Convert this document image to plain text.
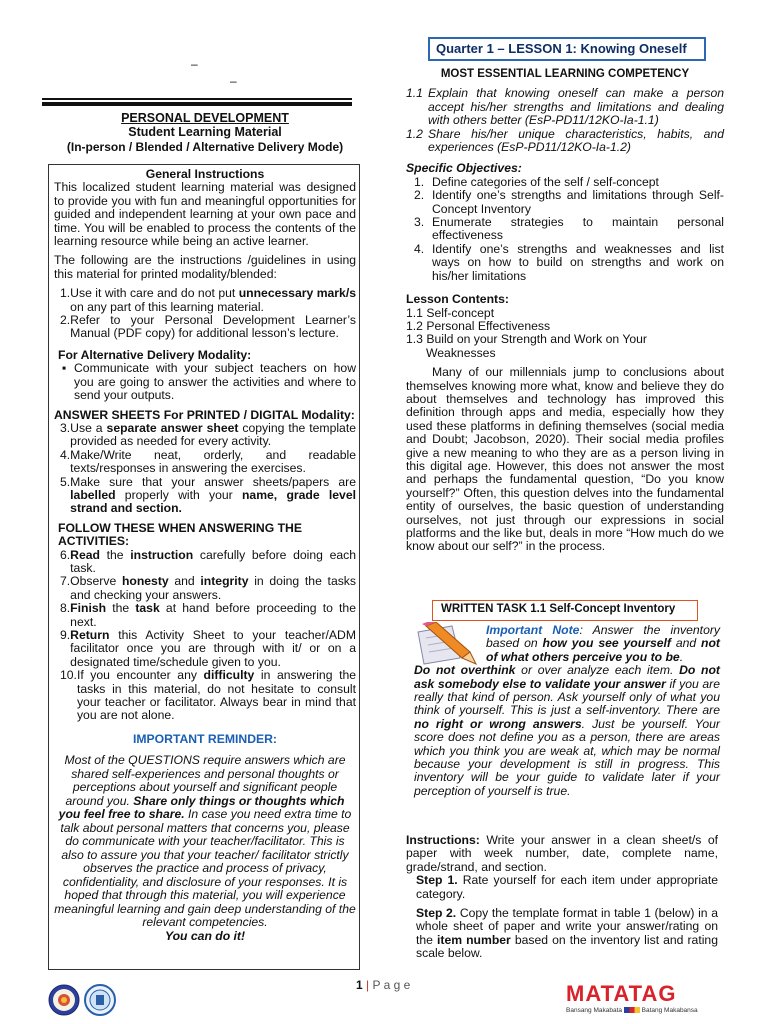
–
–
PERSONAL DEVELOPMENT
Student Learning Material
(In-person / Blended / Alternative Delivery Mode)
General Instructions

This localized student learning material was designed to provide you with fun and meaningful opportunities for guided and independent learning at your own pace and time. You will be enabled to process the contents of the learning resource while being an active learner.

The following are the instructions /guidelines in using this material for printed modality/blended:

1. Use it with care and do not put unnecessary mark/s on any part of this learning material.
2. Refer to your Personal Development Learner’s Manual (PDF copy) for additional lesson’s lecture.
For Alternative Delivery Modality:
▪ Communicate with your subject teachers on how you are going to answer the activities and where to send your outputs.
ANSWER SHEETS For PRINTED / DIGITAL Modality:
3. Use a separate answer sheet copying the template provided as needed for every activity.
4. Make/Write neat, orderly, and readable texts/responses in answering the exercises.
5. Make sure that your answer sheets/papers are labelled properly with your name, grade level strand and section.
FOLLOW THESE WHEN ANSWERING THE ACTIVITIES:
6. Read the instruction carefully before doing each task.
7. Observe honesty and integrity in doing the tasks and checking your answers.
8. Finish the task at hand before proceeding to the next.
9. Return this Activity Sheet to your teacher/ADM facilitator once you are through with it/ or on a designated time/schedule given to you.
10. If you encounter any difficulty in answering the tasks in this material, do not hesitate to consult your teacher or facilitator. Always bear in mind that you are not alone.
IMPORTANT REMINDER:

Most of the QUESTIONS require answers which are shared self-experiences and personal thoughts or perceptions about yourself and significant people around you. Share only things or thoughts which you feel free to share. In case you need extra time to talk about personal matters that concerns you, please do communicate with your teacher/facilitator. This is also to assure you that your teacher/ facilitator strictly observes the practice and process of privacy, confidentiality, and disclosure of your responses. It is hoped that through this material, you will experience meaningful learning and gain deep understanding of the relevant competencies.

You can do it!

Quarter 1 – LESSON 1: Knowing Oneself
MOST ESSENTIAL LEARNING COMPETENCY
1.1 Explain that knowing oneself can make a person accept his/her strengths and limitations and dealing with others better (EsP-PD11/12KO-Ia-1.1)
1.2 Share his/her unique characteristics, habits, and experiences (EsP-PD11/12KO-Ia-1.2)
Specific Objectives:
1. Define categories of the self / self-concept
2. Identify one’s strengths and limitations through Self-Concept Inventory
3. Enumerate strategies to maintain personal effectiveness
4. Identify one’s strengths and weaknesses and list ways on how to build on strengths and work on his/her limitations
Lesson Contents:
1.1 Self-concept
1.2 Personal Effectiveness
1.3 Build on your Strength and Work on Your
Weaknesses

Many of our millennials jump to conclusions about themselves knowing more what, know and believe they do about themselves and technology has improved this definition through apps and media, especially how they used these platforms in defining themselves (social media and Doubt; Jacobson, 2020). Their social media profiles give a new meaning to who they are as a person living in this digital age. However, this does not answer the most and perhaps the fundamental question, “Do you know yourself?” Often, this question delves into the fundamental entity of ourselves, the basic question of understanding ourselves, not just through our expressions in social platforms and the like but, deals in more “How much do we know about our self?” in the process.

WRITTEN TASK 1.1 Self-Concept Inventory

Important Note: Answer the inventory based on how you see yourself and not of what others perceive you to be.

Do not overthink or over analyze each item. Do not ask somebody else to validate your answer if you are really that kind of person. Ask yourself only of what you think of yourself. This is just a self-inventory. There are no right or wrong answers. Just be yourself. Your score does not define you as a person, there are areas which you think you are weak at, which may be normal because your development is still in progress. This inventory will be your guide to validate later if your perception of yourself is true.

Instructions: Write your answer in a clean sheet/s of paper with week number, date, complete name, grade/strand, and section.

Step 1. Rate yourself for each item under appropriate category.

Step 2. Copy the template format in table 1 (below) in a whole sheet of paper and write your answer/rating on the item number based on the inventory list and rating scale below.

1 | P a g e	MATATAG
Bansang Makabata	Batang Makabansa
